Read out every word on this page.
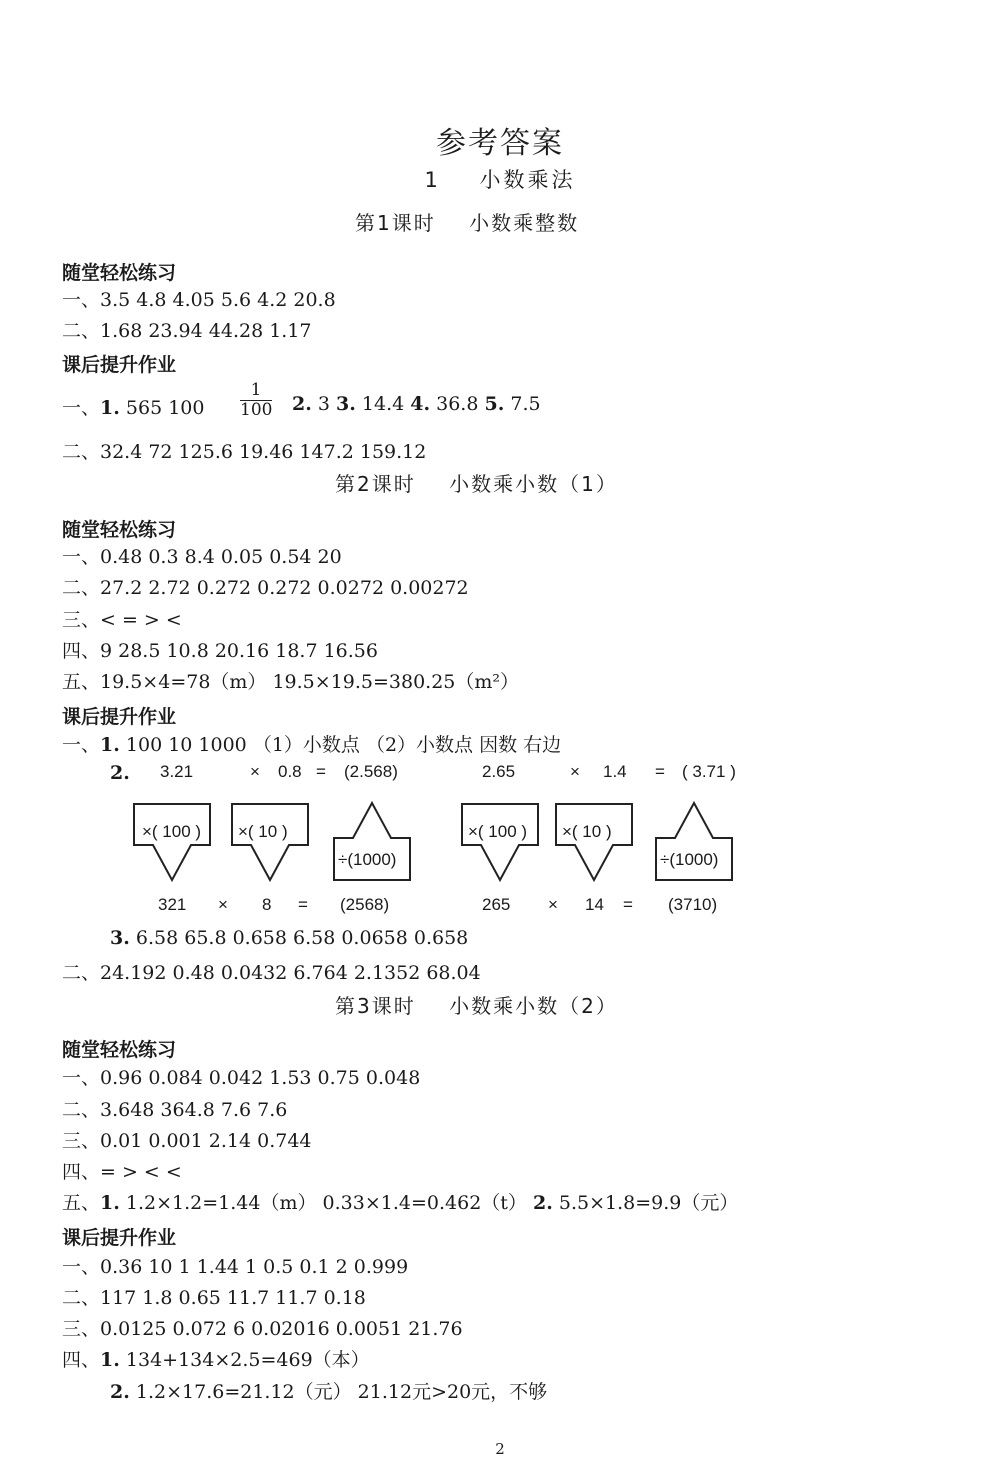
参考答案
1 小数乘法
第1课时 小数乘整数
随堂轻松练习
一、3.5 4.8 4.05 5.6 4.2 20.8
二、1.68 23.94 44.28 1.17
课后提升作业
一、1. 565 $100 \frac{1}{100} 2$. 3 3. 14.4 4. 36.8 5. 7.5
二、32.4 72 125.6 19.46 147.2 159.12
第2课时 小数乘小数（1）
随堂轻松练习
一、0.48 0.3 8.4 0.05 0.54 20
二、27.2 2.72 0.272 0.272 0.0272 0.00272
三、< = > <
四、9 28.5 10.8 20.16 18.7 16.56
五、19.5×4=78（m） 19.5×19.5=380.25（m²）
课后提升作业
一、1. 100 10 1000 （1）小数点 （2）小数点 因数 右边
2. 3.21	× 0.8 = (2.568)
×( 100 ) ×( 10 )
÷(1000)
321 × 8 = (2568)
2.65	× 1.4 = ( 3.71 )
×( 100 ) ×( 10 )
÷(1000)
265 × 14 = (3710)
3. 6.58 65.8 0.658 6.58 0.0658 0.658
二、24.192 0.48 0.0432 6.764 2.1352 68.04
第3课时 小数乘小数（2）
随堂轻松练习
一、0.96 0.084 0.042 1.53 0.75 0.048
二、3.648 364.8 7.6 7.6
三、0.01 0.001 2.14 0.744
四、= > < <
五、1. 1.2×1.2=1.44（m） 0.33×1.4=0.462（t） 2. 5.5×1.8=9.9（元）
课后提升作业
一、0.36 10 1 1.44 1 0.5 0.1 2 0.999
二、117 1.8 0.65 11.7 11.7 0.18
三、0.0125 0.072 6 0.02016 0.0051 21.76
四、1. 134+134×2.5=469（本）
2. 1.2×17.6=21.12（元） 21.12元>20元，不够
2
